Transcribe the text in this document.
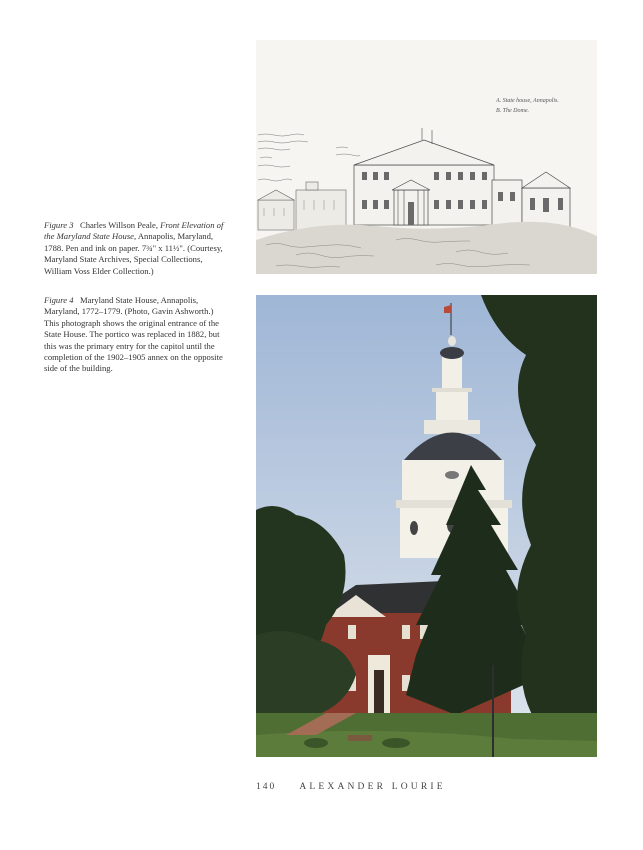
Figure 3 Charles Willson Peale, Front Elevation of the Maryland State House, Annapolis, Maryland, 1788. Pen and ink on paper. 7¾" x 11½". (Courtesy, Maryland State Archives, Special Collections, William Voss Elder Collection.)
Figure 4 Maryland State House, Annapolis, Maryland, 1772–1779. (Photo, Gavin Ashworth.) This photograph shows the original entrance of the State House. The portico was replaced in 1882, but this was the primary entry for the capitol until the completion of the 1902–1905 annex on the opposite side of the building.
A. State house, Annapolis.
B. The Dome.
140 ALEXANDER LOURIE
